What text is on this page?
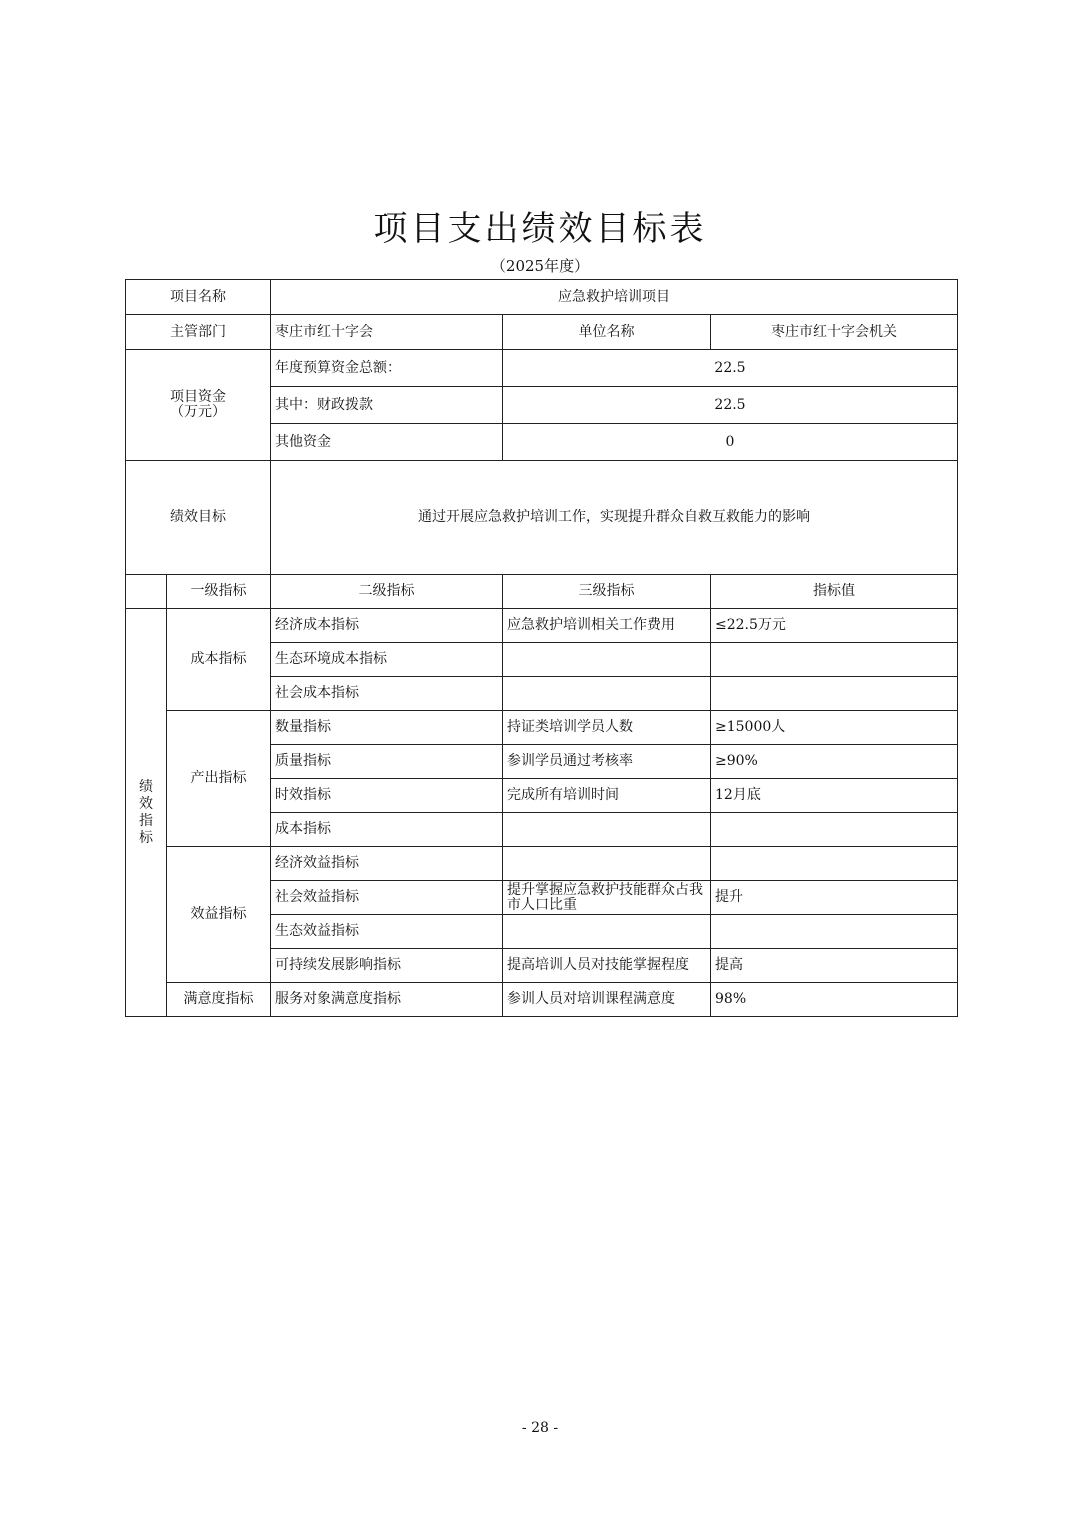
项目支出绩效目标表
（2025年度）
项目名称		应急救护培训项目		
主管部门		枣庄市红十字会	单位名称	枣庄市红十字会机关

项目资金
（万元）		年度预算资金总额：	22.5	
		其中：财政拨款	22.5	
		其他资金	0	
绩效目标		通过开展应急救护培训工作，实现提升群众自救互救能力的影响		
	一级指标	二级指标	三级指标	指标值

绩效指标	成本指标	经济成本指标	应急救护培训相关工作费用	≤22.5万元
		生态环境成本指标		
		社会成本指标		
	产出指标	数量指标	持证类培训学员人数	≥15000人
		质量指标	参训学员通过考核率	≥90%
		时效指标	完成所有培训时间	12月底
		成本指标		
	效益指标	经济效益指标		
		社会效益指标	提升掌握应急救护技能群众占我市人口比重	提升
		生态效益指标		
		可持续发展影响指标	提高培训人员对技能掌握程度	提高
	满意度指标	服务对象满意度指标	参训人员对培训课程满意度	98%
- 28 -
